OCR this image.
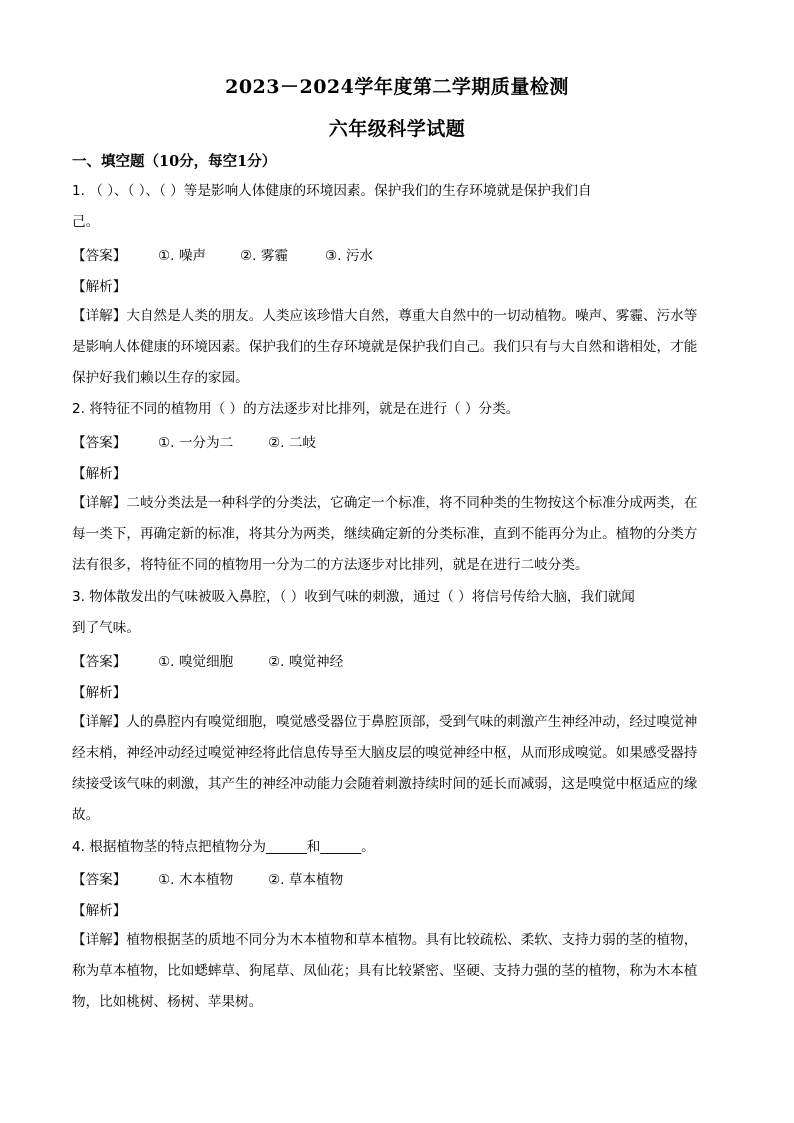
2023－2024学年度第二学期质量检测
六年级科学试题
一、填空题（10分，每空1分）
1. （ ）、（ ）、（ ）等是影响人体健康的环境因素。保护我们的生存环境就是保护我们自
己。
【答案】 ①. 噪声 ②. 雾霾	③. 污水
【解析】
【详解】大自然是人类的朋友。人类应该珍惜大自然，尊重大自然中的一切动植物。噪声、雾霾、污水等
是影响人体健康的环境因素。保护我们的生存环境就是保护我们自己。我们只有与大自然和谐相处，才能
保护好我们赖以生存的家园。
2. 将特征不同的植物用（ ）的方法逐步对比排列，就是在进行（ ）分类。
【答案】 ①. 一分为二	②. 二岐
【解析】
【详解】二岐分类法是一种科学的分类法，它确定一个标准，将不同种类的生物按这个标准分成两类，在
每一类下，再确定新的标准，将其分为两类，继续确定新的分类标准，直到不能再分为止。植物的分类方
法有很多，将特征不同的植物用一分为二的方法逐步对比排列，就是在进行二岐分类。
3. 物体散发出的气味被吸入鼻腔，（ ）收到气味的刺激，通过（ ）将信号传给大脑，我们就闻
到了气味。
【答案】 ①. 嗅觉细胞	②. 嗅觉神经
【解析】
【详解】人的鼻腔内有嗅觉细胞，嗅觉感受器位于鼻腔顶部，受到气味的刺激产生神经冲动，经过嗅觉神
经末梢，神经冲动经过嗅觉神经将此信息传导至大脑皮层的嗅觉神经中枢，从而形成嗅觉。如果感受器持
续接受该气味的刺激，其产生的神经冲动能力会随着刺激持续时间的延长而减弱，这是嗅觉中枢适应的缘
故。
4. 根据植物茎的特点把植物分为______和______。
【答案】 ①. 木本植物	②. 草本植物
【解析】
【详解】植物根据茎的质地不同分为木本植物和草本植物。具有比较疏松、柔软、支持力弱的茎的植物，
称为草本植物，比如蟋蟀草、狗尾草、凤仙花；具有比较紧密、坚硬、支持力强的茎的植物，称为木本植
物，比如桃树、杨树、苹果树。
